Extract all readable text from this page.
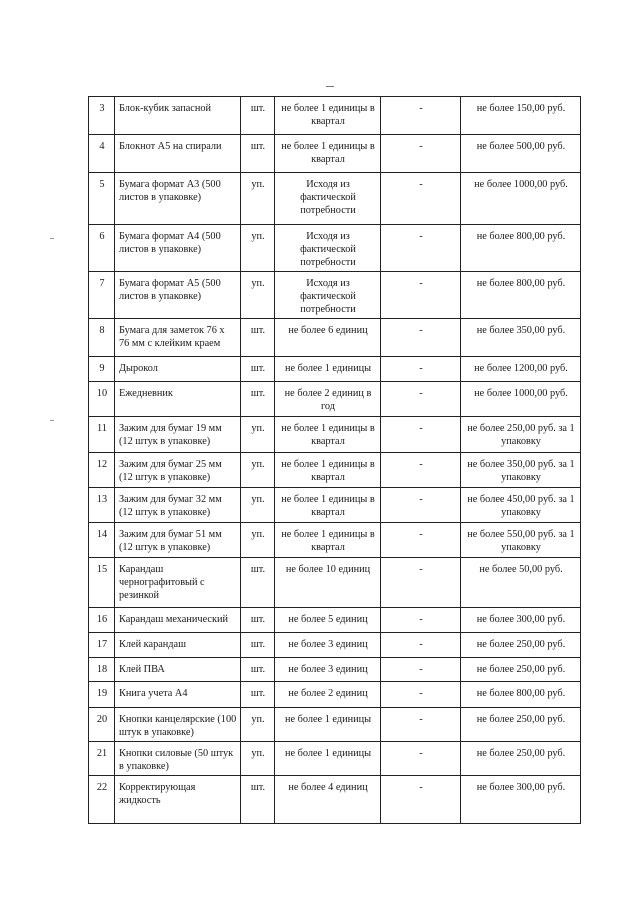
3	Блок-кубик запасной	шт.	не более 1 единицы в квартал	-	не более 150,00 руб.
4	Блокнот А5 на спирали	шт.	не более 1 единицы в квартал	-	не более 500,00 руб.
5	Бумага формат А3 (500 листов в упаковке)	уп.	Исходя из фактической потребности	-	не более 1000,00 руб.
6	Бумага формат А4 (500 листов в упаковке)	уп.	Исходя из фактической потребности	-	не более 800,00 руб.
7	Бумага формат А5 (500 листов в упаковке)	уп.	Исходя из фактической потребности	-	не более 800,00 руб.
8	Бумага для заметок 76 х 76 мм с клейким краем	шт.	не более 6 единиц	-	не более 350,00 руб.
9	Дырокол	шт.	не более 1 единицы	-	не более 1200,00 руб.
10	Ежедневник	шт.	не более 2 единиц в год	-	не более 1000,00 руб.
11	Зажим для бумаг 19 мм (12 штук в упаковке)	уп.	не более 1 единицы в квартал	-	не более 250,00 руб. за 1 упаковку
12	Зажим для бумаг 25 мм (12 штук в упаковке)	уп.	не более 1 единицы в квартал	-	не более 350,00 руб. за 1 упаковку
13	Зажим для бумаг 32 мм (12 штук в упаковке)	уп.	не более 1 единицы в квартал	-	не более 450,00 руб. за 1 упаковку
14	Зажим для бумаг 51 мм (12 штук в упаковке)	уп.	не более 1 единицы в квартал	-	не более 550,00 руб. за 1 упаковку
15	Карандаш чернографитовый с резинкой	шт.	не более 10 единиц	-	не более 50,00 руб.
16	Карандаш механический	шт.	не более 5 единиц	-	не более 300,00 руб.
17	Клей карандаш	шт.	не более 3 единиц	-	не более 250,00 руб.
18	Клей ПВА	шт.	не более 3 единиц	-	не более 250,00 руб.
19	Книга учета А4	шт.	не более 2 единиц	-	не более 800,00 руб.
20	Кнопки канцелярские (100 штук в упаковке)	уп.	не более 1 единицы	-	не более 250,00 руб.
21	Кнопки силовые (50 штук в упаковке)	уп.	не более 1 единицы	-	не более 250,00 руб.
22	Корректирующая жидкость	шт.	не более 4 единиц	-	не более 300,00 руб.
